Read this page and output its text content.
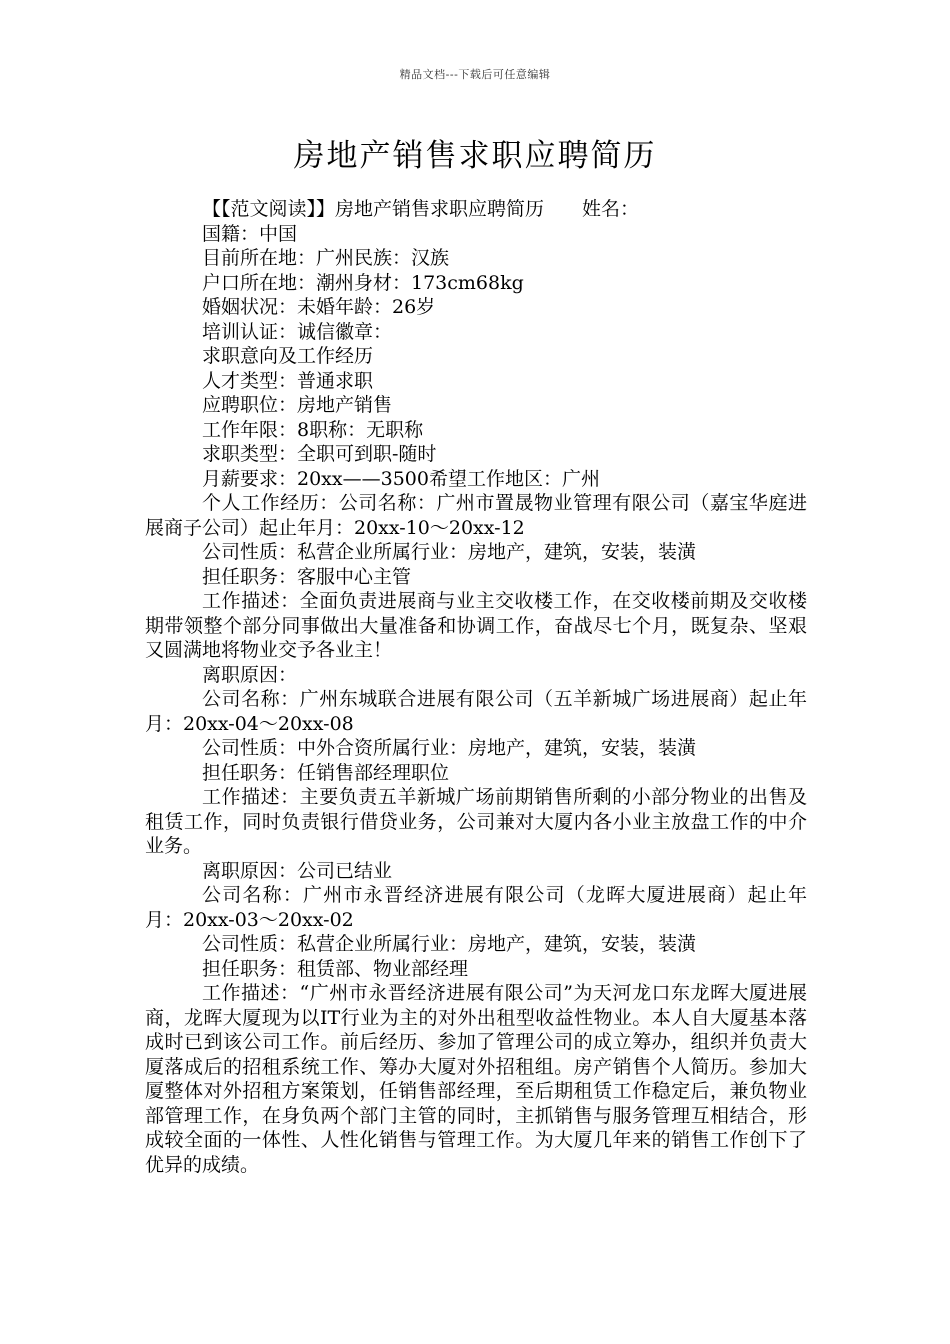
精品文档---下载后可任意编辑
房地产销售求职应聘简历

【【范文阅读】】房地产销售求职应聘简历　　姓名：

国籍：中国

目前所在地：广州民族：汉族

户口所在地：潮州身材：173cm68kg

婚姻状况：未婚年龄：26岁

培训认证：诚信徽章：

求职意向及工作经历

人才类型：普通求职

应聘职位：房地产销售

工作年限：8职称：无职称

求职类型：全职可到职-随时

月薪要求：20xx——3500希望工作地区：广州

个人工作经历：公司名称：广州市置晟物业管理有限公司（嘉宝华庭进展商子公司）起止年月：20xx-10～20xx-12

公司性质：私营企业所属行业：房地产，建筑，安装，装潢

担任职务：客服中心主管

工作描述：全面负责进展商与业主交收楼工作，在交收楼前期及交收楼期带领整个部分同事做出大量准备和协调工作，奋战尽七个月，既复杂、坚艰又圆满地将物业交予各业主！

离职原因：

公司名称：广州东城联合进展有限公司（五羊新城广场进展商）起止年月：20xx-04～20xx-08

公司性质：中外合资所属行业：房地产，建筑，安装，装潢

担任职务：任销售部经理职位

工作描述：主要负责五羊新城广场前期销售所剩的小部分物业的出售及租赁工作，同时负责银行借贷业务，公司兼对大厦内各小业主放盘工作的中介业务。

离职原因：公司已结业

公司名称：广州市永晋经济进展有限公司（龙晖大厦进展商）起止年月：20xx-03～20xx-02

公司性质：私营企业所属行业：房地产，建筑，安装，装潢

担任职务：租赁部、物业部经理

工作描述：“广州市永晋经济进展有限公司”为天河龙口东龙晖大厦进展商，龙晖大厦现为以IT行业为主的对外出租型收益性物业。本人自大厦基本落成时已到该公司工作。前后经历、参加了管理公司的成立筹办，组织并负责大厦落成后的招租系统工作、筹办大厦对外招租组。房产销售个人简历。参加大厦整体对外招租方案策划，任销售部经理，至后期租赁工作稳定后，兼负物业部管理工作，在身负两个部门主管的同时，主抓销售与服务管理互相结合，形成较全面的一体性、人性化销售与管理工作。为大厦几年来的销售工作创下了优异的成绩。
